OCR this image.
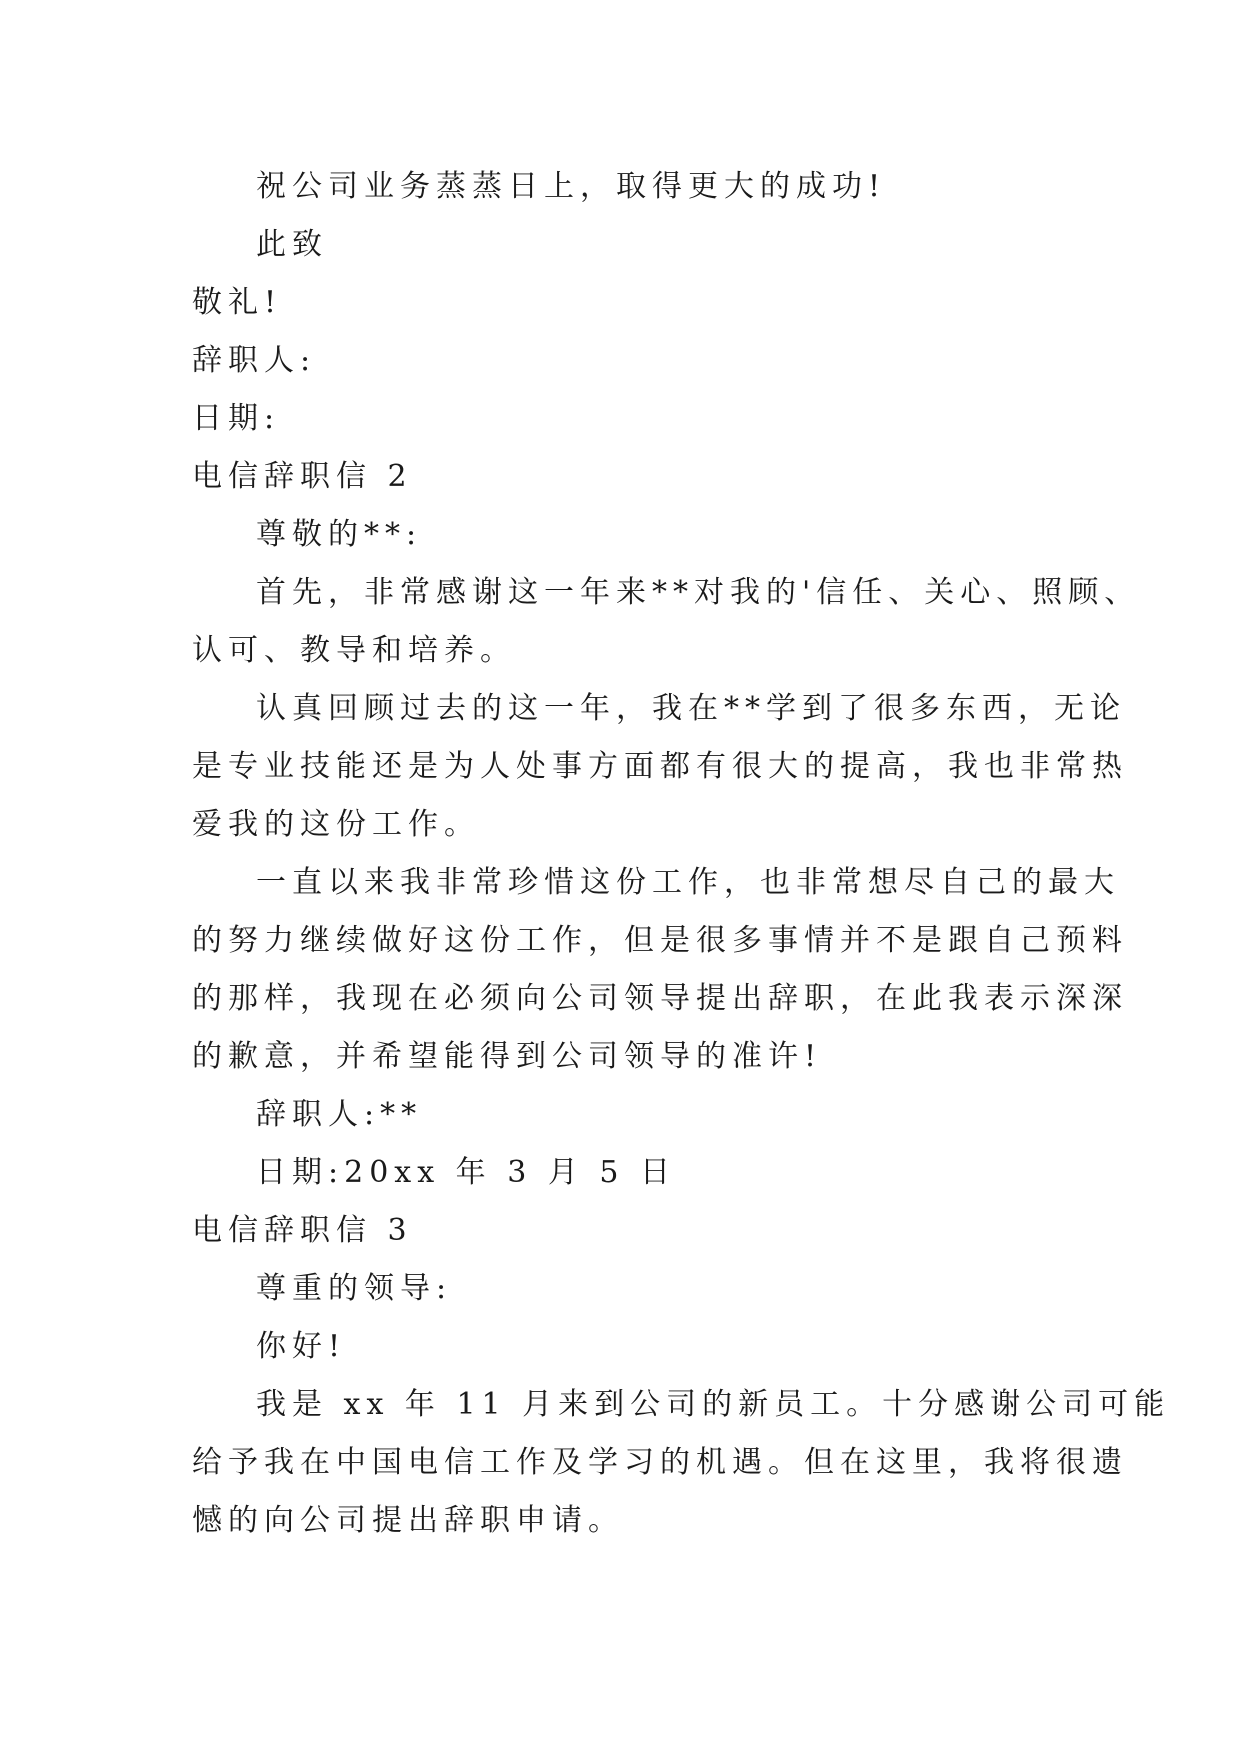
祝公司业务蒸蒸日上，取得更大的成功!
此致
敬礼!
辞职人:
日期:
电信辞职信 2
尊敬的**:
首先，非常感谢这一年来**对我的'信任、关心、照顾、
认可、教导和培养。
认真回顾过去的这一年，我在**学到了很多东西，无论
是专业技能还是为人处事方面都有很大的提高，我也非常热
爱我的这份工作。
一直以来我非常珍惜这份工作，也非常想尽自己的最大
的努力继续做好这份工作，但是很多事情并不是跟自己预料
的那样，我现在必须向公司领导提出辞职，在此我表示深深
的歉意，并希望能得到公司领导的准许!
辞职人:**
日期:20xx 年 3 月 5 日
电信辞职信 3
尊重的领导:
你好!
我是 xx 年 11 月来到公司的新员工。十分感谢公司可能
给予我在中国电信工作及学习的机遇。但在这里，我将很遗
憾的向公司提出辞职申请。
